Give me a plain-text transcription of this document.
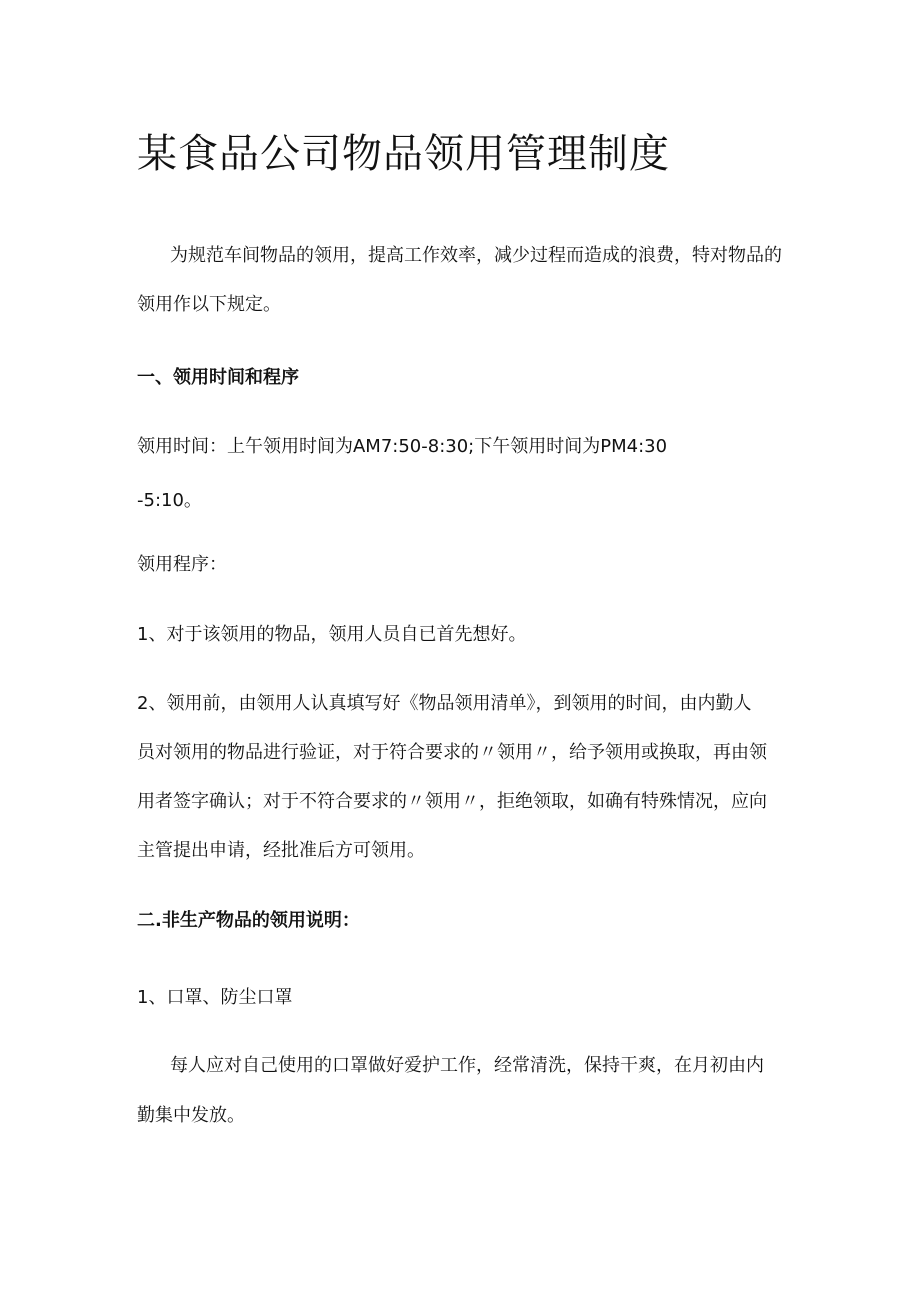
某食品公司物品领用管理制度
为规范车间物品的领用，提高工作效率，减少过程而造成的浪费，特对物品的
领用作以下规定。
一、领用时间和程序
领用时间：上午领用时间为AM7:50-8:30;下午领用时间为PM4:30
-5:10。
领用程序：
1、对于该领用的物品，领用人员自已首先想好。
2、领用前，由领用人认真填写好《物品领用清单》，到领用的时间，由内勤人
员对领用的物品进行验证，对于符合要求的〃领用〃，给予领用或换取，再由领
用者签字确认；对于不符合要求的〃领用〃，拒绝领取，如确有特殊情况，应向
主管提出申请，经批准后方可领用。
二.非生产物品的领用说明：
1、口罩、防尘口罩
每人应对自己使用的口罩做好爱护工作，经常清洗，保持干爽，在月初由内
勤集中发放。
